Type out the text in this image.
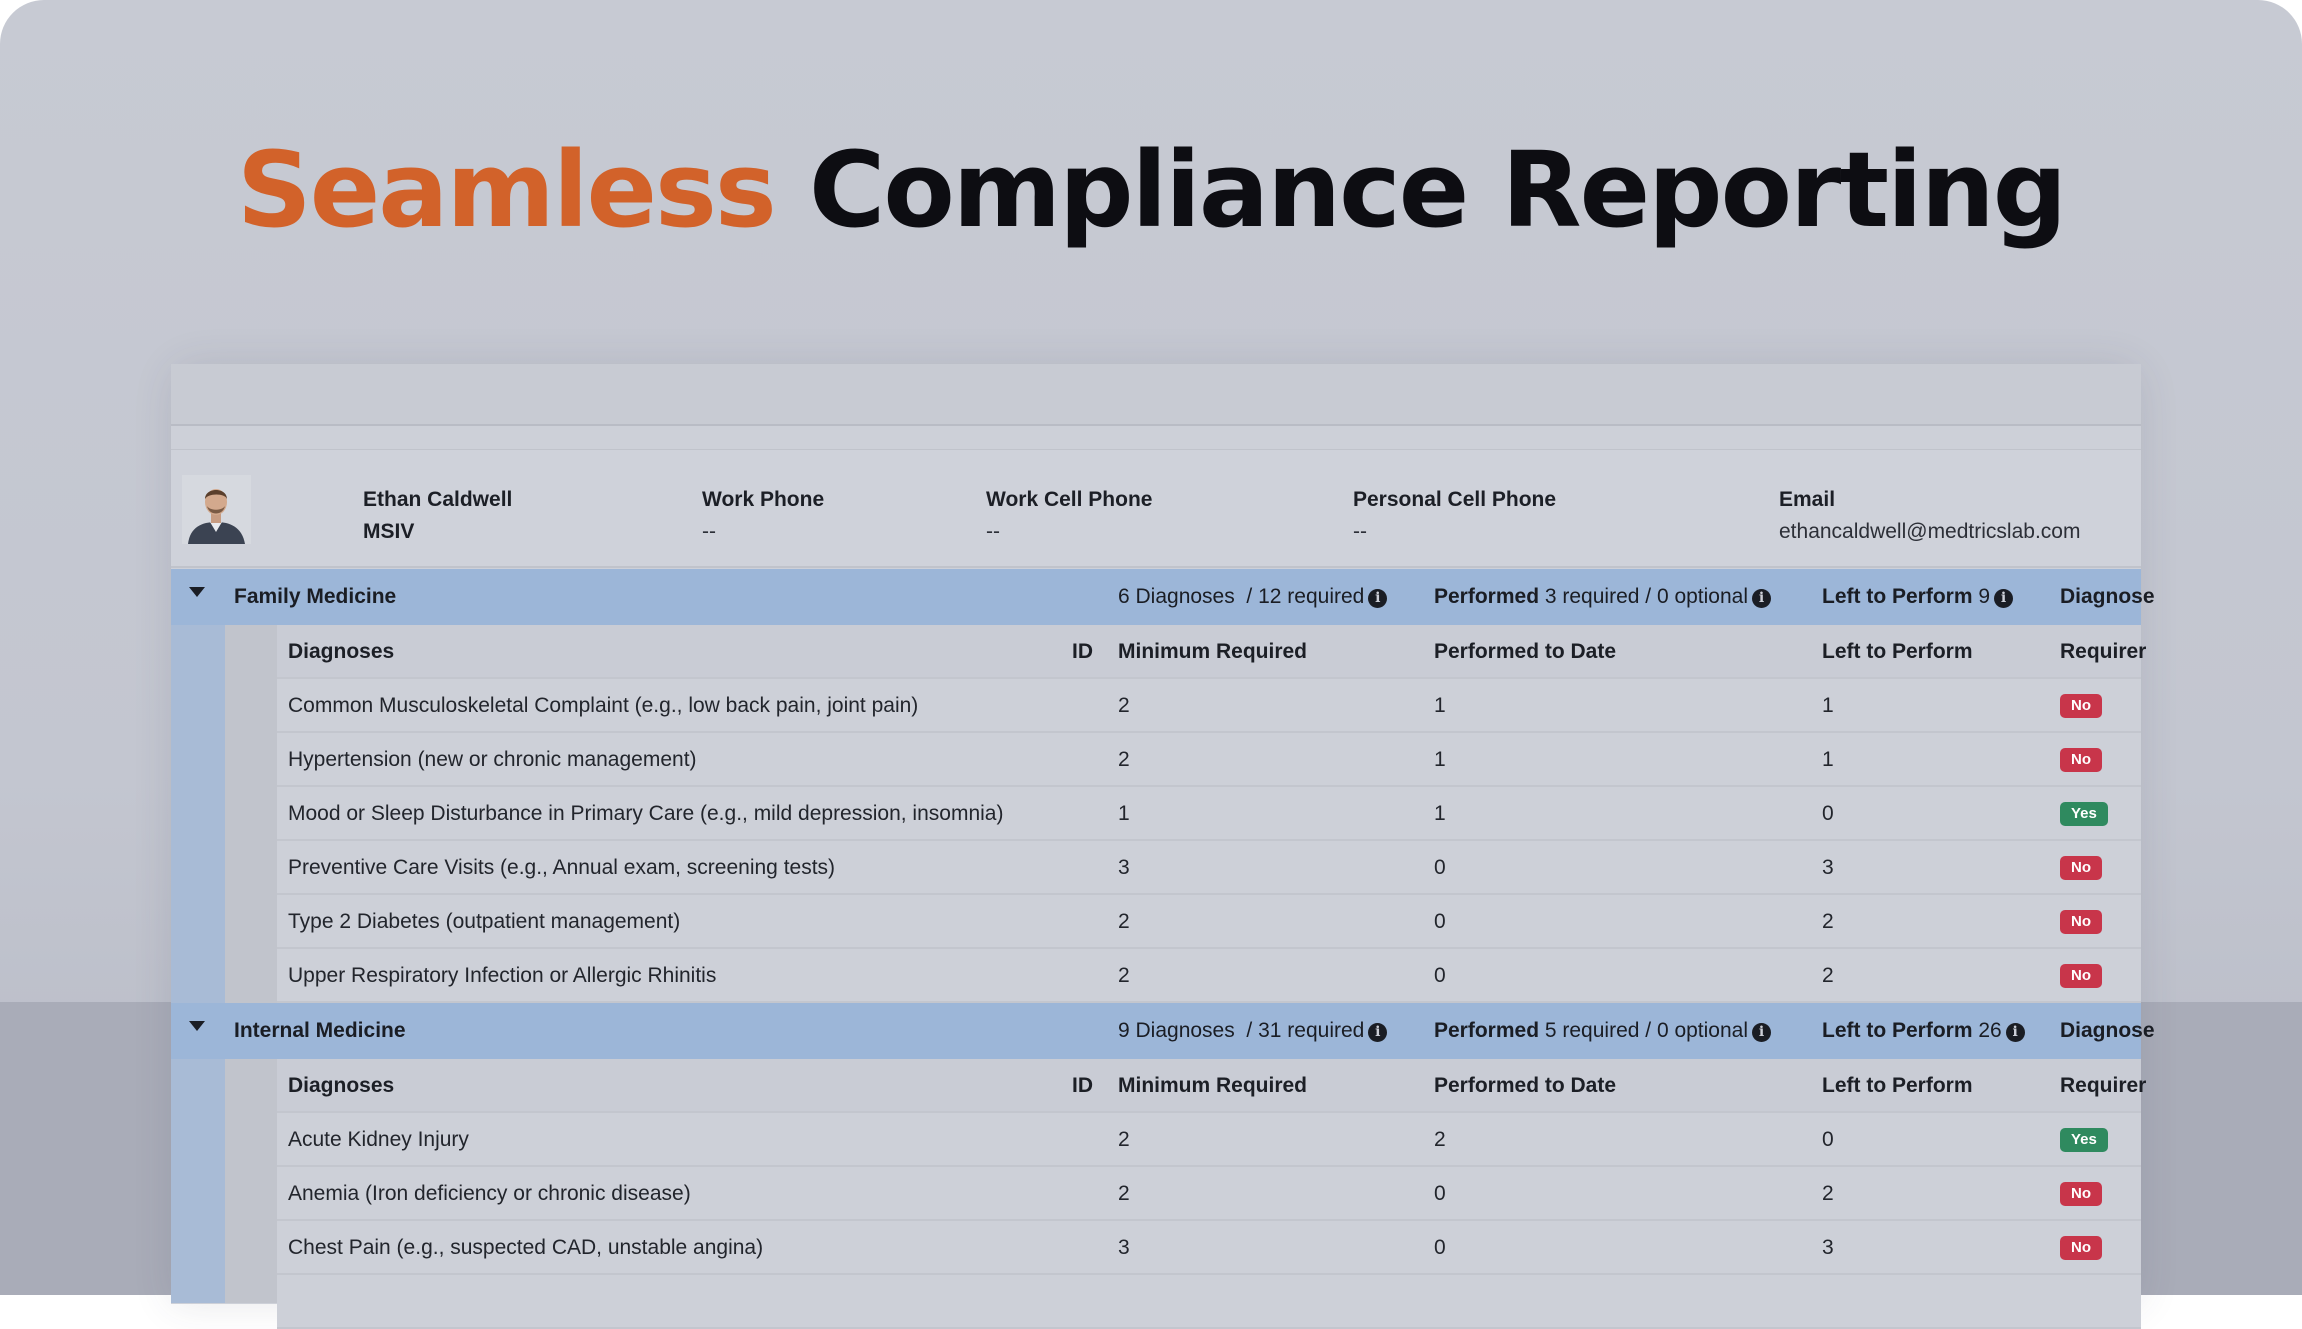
Seamless Compliance Reporting
Ethan Caldwell
MSIV
Work Phone
--
Work Cell Phone
--
Personal Cell Phone
--
Email
ethancaldwell@medtricslab.com
Family Medicine	6 Diagnoses / 12 required i	Performed 3 required / 0 optional i	Left to Perform 9 i	Diagnose
Diagnoses	ID Minimum Required	Performed to Date	Left to Perform	Requirer
Common Musculoskeletal Complaint (e.g., low back pain, joint pain)	2	1	1	No
Hypertension (new or chronic management)	2	1	1	No
Mood or Sleep Disturbance in Primary Care (e.g., mild depression, insomnia)	1	1	0	Yes
Preventive Care Visits (e.g., Annual exam, screening tests)	3	0	3	No
Type 2 Diabetes (outpatient management)	2	0	2	No
Upper Respiratory Infection or Allergic Rhinitis	2	0	2	No
Internal Medicine	9 Diagnoses / 31 required i	Performed 5 required / 0 optional i	Left to Perform 26 i	Diagnose
Diagnoses	ID Minimum Required	Performed to Date	Left to Perform	Requirer
Acute Kidney Injury	2	2	0	Yes
Anemia (Iron deficiency or chronic disease)	2	0	2	No
Chest Pain (e.g., suspected CAD, unstable angina)	3	0	3	No
